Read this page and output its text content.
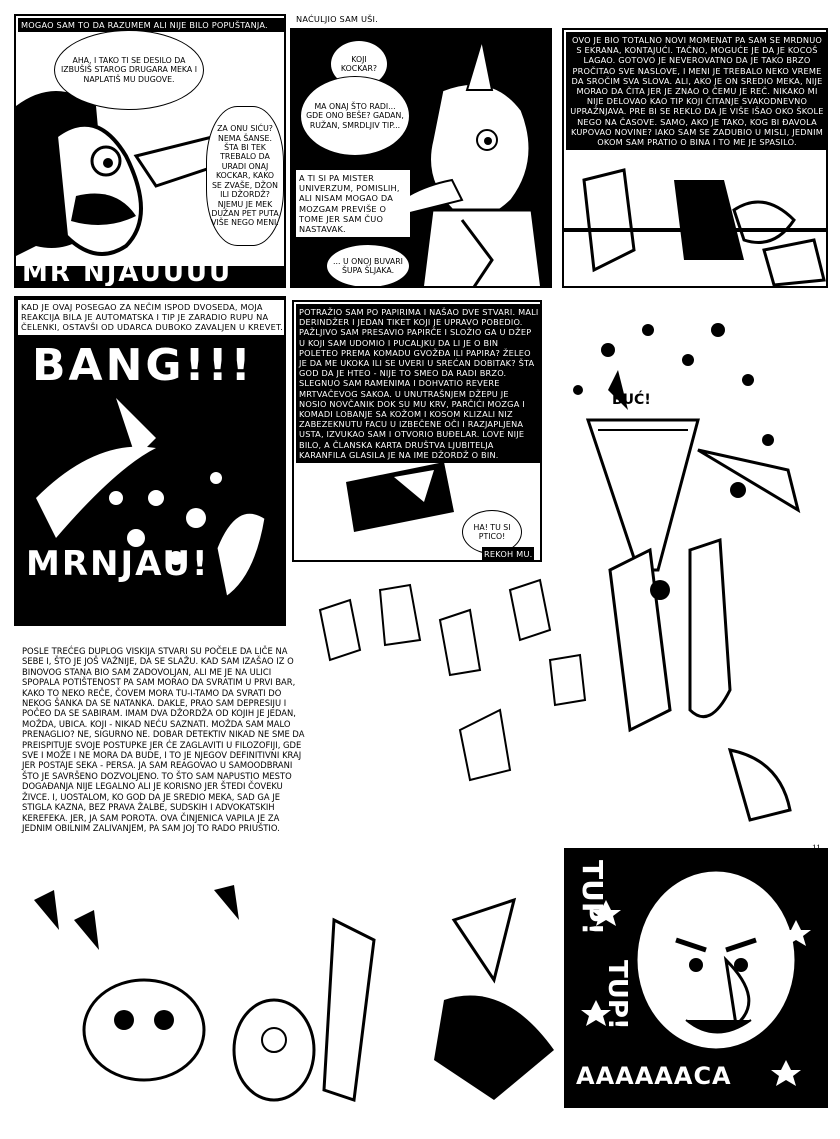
MOGAO SAM TO DA RAZUMEM ALI NIJE BILO POPUŠTANJA.
AHA, I TAKO TI SE DESILO DA IZBUŠIŠ STAROG DRUGARA MEKA I NAPLATIŠ MU DUGOVE.
ZA ONU SIĆU? NEMA ŠANSE. ŠTA BI TEK TREBALO DA URADI ONAJ KOCKAR, KAKO SE ZVAŠE, DŽON ILI DŽORDŽ? NJEMU JE MEK DUŽAN PET PUTA VIŠE NEGO MENI.
MR ŇJAUUUU
NAĆULJIO SAM UŠI.
KOJI KOCKAR?
MA ONAJ ŠTO RADI... GDE ONO BEŠE? GADAN, RUŽAN, SMRDLJIV TIP...
A TI SI PA MISTER UNIVERZUM, POMISLIH, ALI NISAM MOGAO DA MOZGAM PREVIŠE O TOME JER SAM ČUO NASTAVAK.
... U ONOJ BUVARI ŠUPA ŠLJAKA.
OVO JE BIO TOTALNO NOVI MOMENAT PA SAM SE MRDNUO S EKRANA, KONTAJUĆI. TAČNO, MOGUĆE JE DA JE KOCOŠ LAGAO. GOTOVO JE NEVEROVATNO DA JE TAKO BRZO PROČITAO SVE NASLOVE, I MENI JE TREBALO NEKO VREME DA SROČIM SVA SLOVA. ALI, AKO JE ON SREDIO MEKA, NIJE MORAO DA ČITA JER JE ZNAO O ČEMU JE REČ. NIKAKO MI NIJE DELOVAO KAO TIP KOJI ČITANJE SVAKODNEVNO UPRAŽNJAVA. PRE BI SE REKLO DA JE VIŠE IŠAO OKO ŠKOLE NEGO NA ČASOVE. SAMO, AKO JE TAKO, KOG BI ĐAVOLA KUPOVAO NOVINE? IAKO SAM SE ZADUBIO U MISLI, JEDNIM OKOM SAM PRATIO O BINA I TO ME JE SPASILO.
KAD JE OVAJ POSEGAO ZA NEČIM ISPOD DVOSEDA, MOJA REAKCIJA BILA JE AUTOMATSKA I TIP JE ZARADIO RUPU NA ČELENKI, OSTAVŠI OD UDARCA DUBOKO ZAVALJEN U KREVET.
BANG!!!
MRNJAU!
POTRAŽIO SAM PO PAPIRIMA I NAŠAO DVE STVARI. MALI DERINDŽER I JEDAN TIKET KOJI JE UPRAVO POBEDIO. PAŽLJIVO SAM PRESAVIO PAPIRČE I SLOŽIO GA U DŽEP U KOJI SAM UDOMIO I PUCALJKU DA LI JE O BIN POLETEO PREMA KOMADU GVOŽĐA ILI PAPIRA? ŽELEO JE DA ME UKOKA ILI SE UVERI U SREĆAN DOBITAK? ŠTA GOD DA JE HTEO - NIJE TO SMEO DA RADI BRZO. SLEGNUO SAM RAMENIMA I DOHVATIO REVERE MRTVAČEVOG SAKOA. U UNUTRAŠNJEM DŽEPU JE NOSIO NOVČANIK DOK SU MU KRV, PARČIĆI MOZGA I KOMADI LOBANJE SA KOŽOM I KOSOM KLIZALI NIZ ZABEZEKNUTU FACU U IZBEČENE OČI I RAZJAPLJENA USTA, IZVUKAO SAM I OTVORIO BUĐELAR. LOVE NIJE BILO, A ČLANSKA KARTA DRUŠTVA LJUBITELJA KARANFILA GLASILA JE NA IME DŽORDŽ O BIN.
HA! TU SI PTICO!
REKOH MU.
BUĆ!
POSLE TREĆEG DUPLOG VISKIJA STVARI SU POČELE DA LIČE NA SEBE I, ŠTO JE JOŠ VAŽNIJE, DA SE SLAŽU. KAD SAM IZAŠAO IZ O BINOVOG STANA BIO SAM ZADOVOLJAN, ALI ME JE NA ULICI SPOPALA POTIŠTENOST PA SAM MORAO DA SVRATIM U PRVI BAR, KAKO TO NEKO REČE, ČOVEM MORA TU-I-TAMO DA SVRATI DO NEKOG ŠANKA DA SE NATANKA. DAKLE, PRAO SAM DEPRESIJU I POČEO DA SE SABIRAM. IMAM DVA DŽORDŽA OD KOJIH JE JEDAN, MOŽDA, UBICA. KOJI - NIKAD NEĆU SAZNATI. MOŽDA SAM MALO PRENAGLIO? NE, SIGURNO NE. DOBAR DETEKTIV NIKAD NE SME DA PREISPITUJE SVOJE POSTUPKE JER ĆE ZAGLAVITI U FILOZOFIJI, GDE SVE I MOŽE I NE MORA DA BUDE, I TO JE NJEGOV DEFINITIVNI KRAJ JER POSTAJE SEKA - PERSA. JA SAM REAGOVAO U SAMOODBRANI ŠTO JE SAVRŠENO DOZVOLJENO. TO ŠTO SAM NAPUSTIO MESTO DOGAĐANJA NIJE LEGALNO ALI JE KORISNO JER ŠTEDI ČOVEKU ŽIVCE. I, UOSTALOM, KO GOD DA JE SREDIO MEKA, SAD GA JE STIGLA KAZNA, BEZ PRAVA ŽALBE, SUDSKIH I ADVOKATSKIH KEREFEKA. JER, JA SAM POROTA. OVA ČINJENICA VAPILA JE ZA JEDNIM OBILNIM ZALIVANJEM, PA SAM JOJ TO RADO PRIUŠTIO.
TUP!
TUP!
AAAAAACA
